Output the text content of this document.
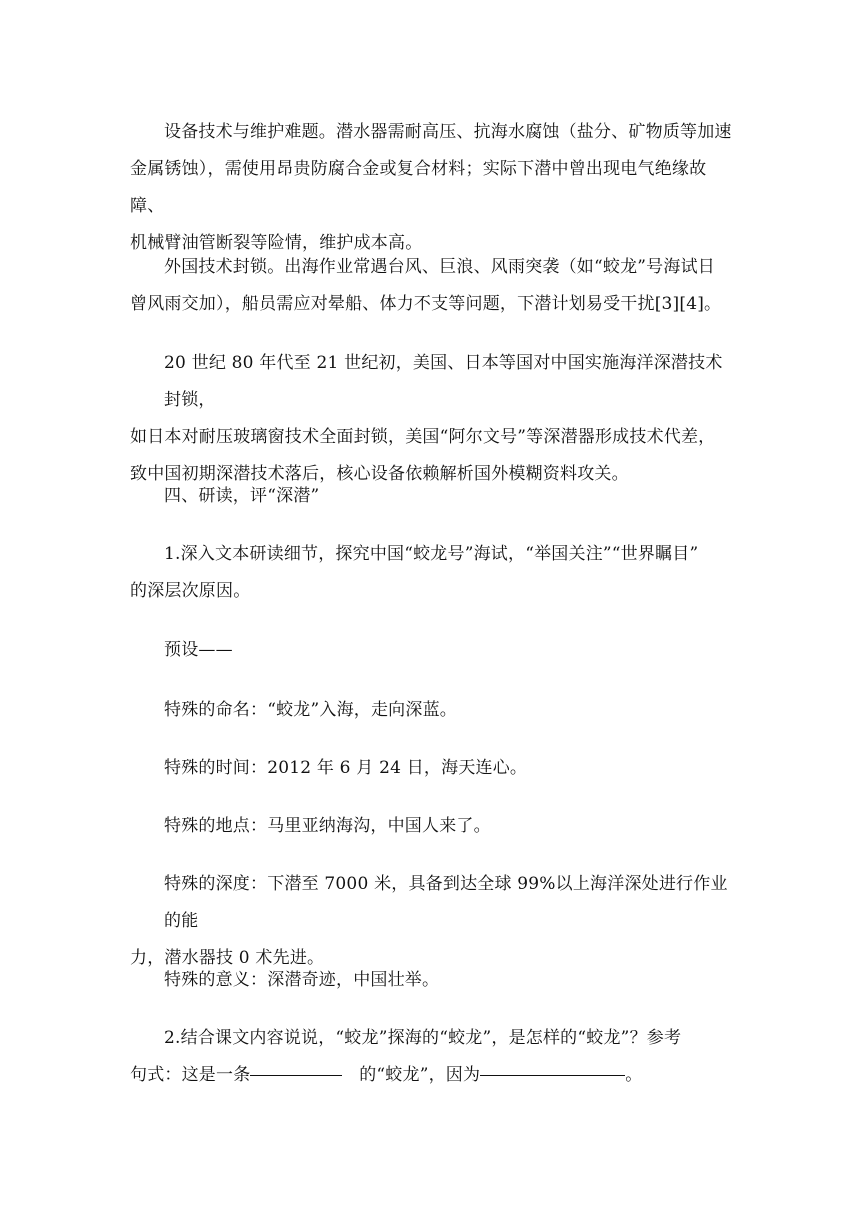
设备技术与维护难题。潜水器需耐高压、抗海水腐蚀（盐分、矿物质等加速
金属锈蚀），需使用昂贵防腐合金或复合材料；实际下潜中曾出现电气绝缘故障、
机械臂油管断裂等险情，维护成本高。

外国技术封锁。出海作业常遇台风、巨浪、风雨突袭（如“蛟龙”号海试日
曾风雨交加），船员需应对晕船、体力不支等问题，下潜计划易受干扰[3][4]。

20 世纪 80 年代至 21 世纪初，美国、日本等国对中国实施海洋深潜技术封锁，
如日本对耐压玻璃窗技术全面封锁，美国“阿尔文号”等深潜器形成技术代差，
致中国初期深潜技术落后，核心设备依赖解析国外模糊资料攻关。

四、研读，评“深潜”

1.深入文本研读细节，探究中国“蛟龙号”海试，“举国关注”“世界瞩目”
的深层次原因。

预设——

特殊的命名：“蛟龙”入海，走向深蓝。

特殊的时间：2012 年 6 月 24 日，海天连心。

特殊的地点：马里亚纳海沟，中国人来了。

特殊的深度：下潜至 7000 米，具备到达全球 99%以上海洋深处进行作业的能
力，潜水器技 0 术先进。

特殊的意义：深潜奇迹，中国壮举。

2.结合课文内容说说，“蛟龙”探海的“蛟龙”，是怎样的“蛟龙”？参考
句式：这是一条	的“蛟龙”，因为	。
